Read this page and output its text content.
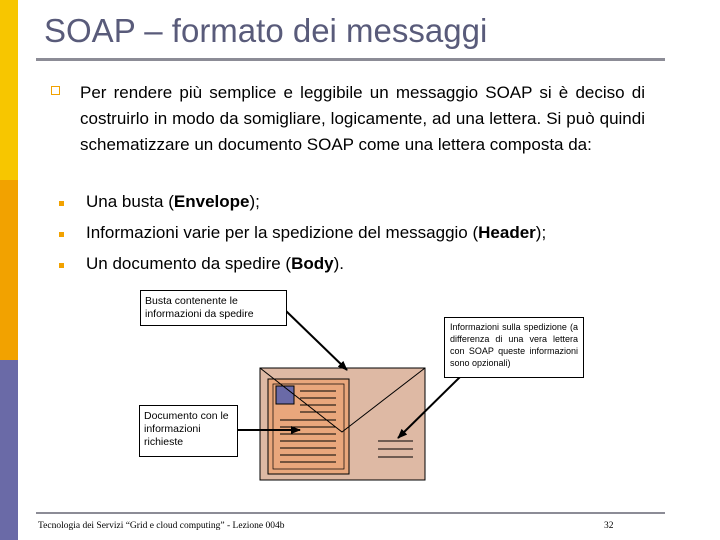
SOAP – formato dei messaggi

Per rendere più semplice e leggibile un messaggio SOAP si è deciso di costruirlo in modo da somigliare, logicamente, ad una lettera. Si può quindi schematizzare un documento SOAP come una lettera composta da:

Una busta (Envelope);

Informazioni varie per la spedizione del messaggio (Header);

Un documento da spedire (Body).

Busta contenente le informazioni da spedire
Informazioni sulla spedizione (a differenza di una vera lettera con SOAP queste informazioni sono opzionali)
Documento con le informazioni richieste
Tecnologia dei Servizi “Grid e cloud computing” - Lezione 004b	32
